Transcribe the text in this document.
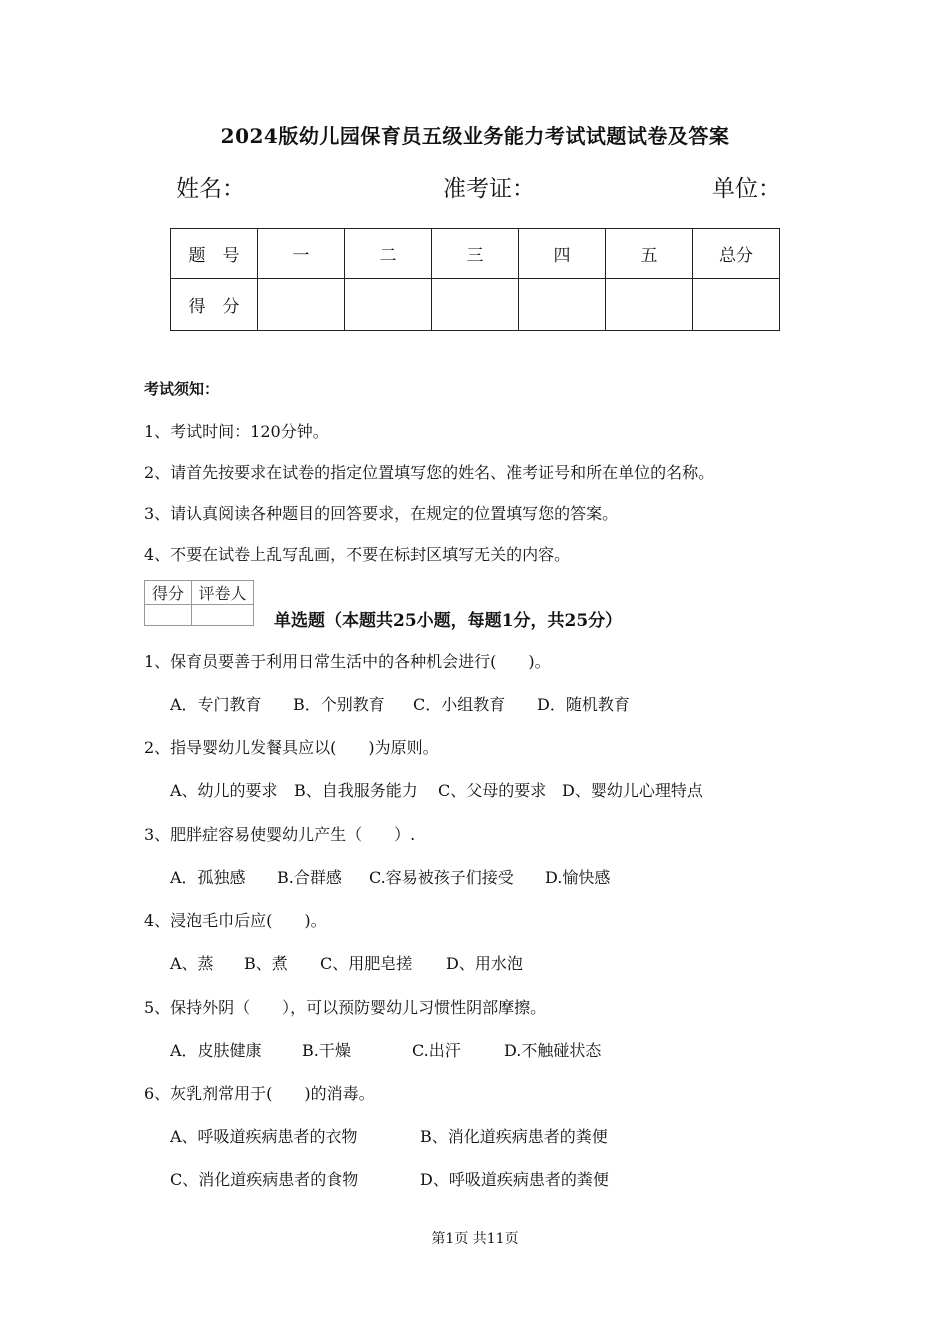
2024版幼儿园保育员五级业务能力考试试题试卷及答案
姓名：	准考证：	单位：
题　号	一	二	三	四	五	总分
得　分						
考试须知：
1、考试时间：120分钟。
2、请首先按要求在试卷的指定位置填写您的姓名、准考证号和所在单位的名称。
3、请认真阅读各种题目的回答要求，在规定的位置填写您的答案。
4、不要在试卷上乱写乱画，不要在标封区填写无关的内容。
得分	评卷人

单选题（本题共25小题，每题1分，共25分）
1、保育员要善于利用日常生活中的各种机会进行(　　)。
A．专门教育 B．个别教育 C．小组教育 D．随机教育
2、指导婴幼儿发餐具应以(　　)为原则。
A、幼儿的要求 B、自我服务能力 C、父母的要求 D、婴幼儿心理特点
3、肥胖症容易使婴幼儿产生（　　）.
A．孤独感 B.合群感 C.容易被孩子们接受 D.愉快感
4、浸泡毛巾后应(　　)。
A、蒸 B、煮 C、用肥皂搓 D、用水泡
5、保持外阴（　　），可以预防婴幼儿习惯性阴部摩擦。
A．皮肤健康	B.干燥	C.出汗	D.不触碰状态
6、灰乳剂常用于(　　)的消毒。
A、呼吸道疾病患者的衣物	B、消化道疾病患者的粪便
C、消化道疾病患者的食物	D、呼吸道疾病患者的粪便
第1页 共11页
